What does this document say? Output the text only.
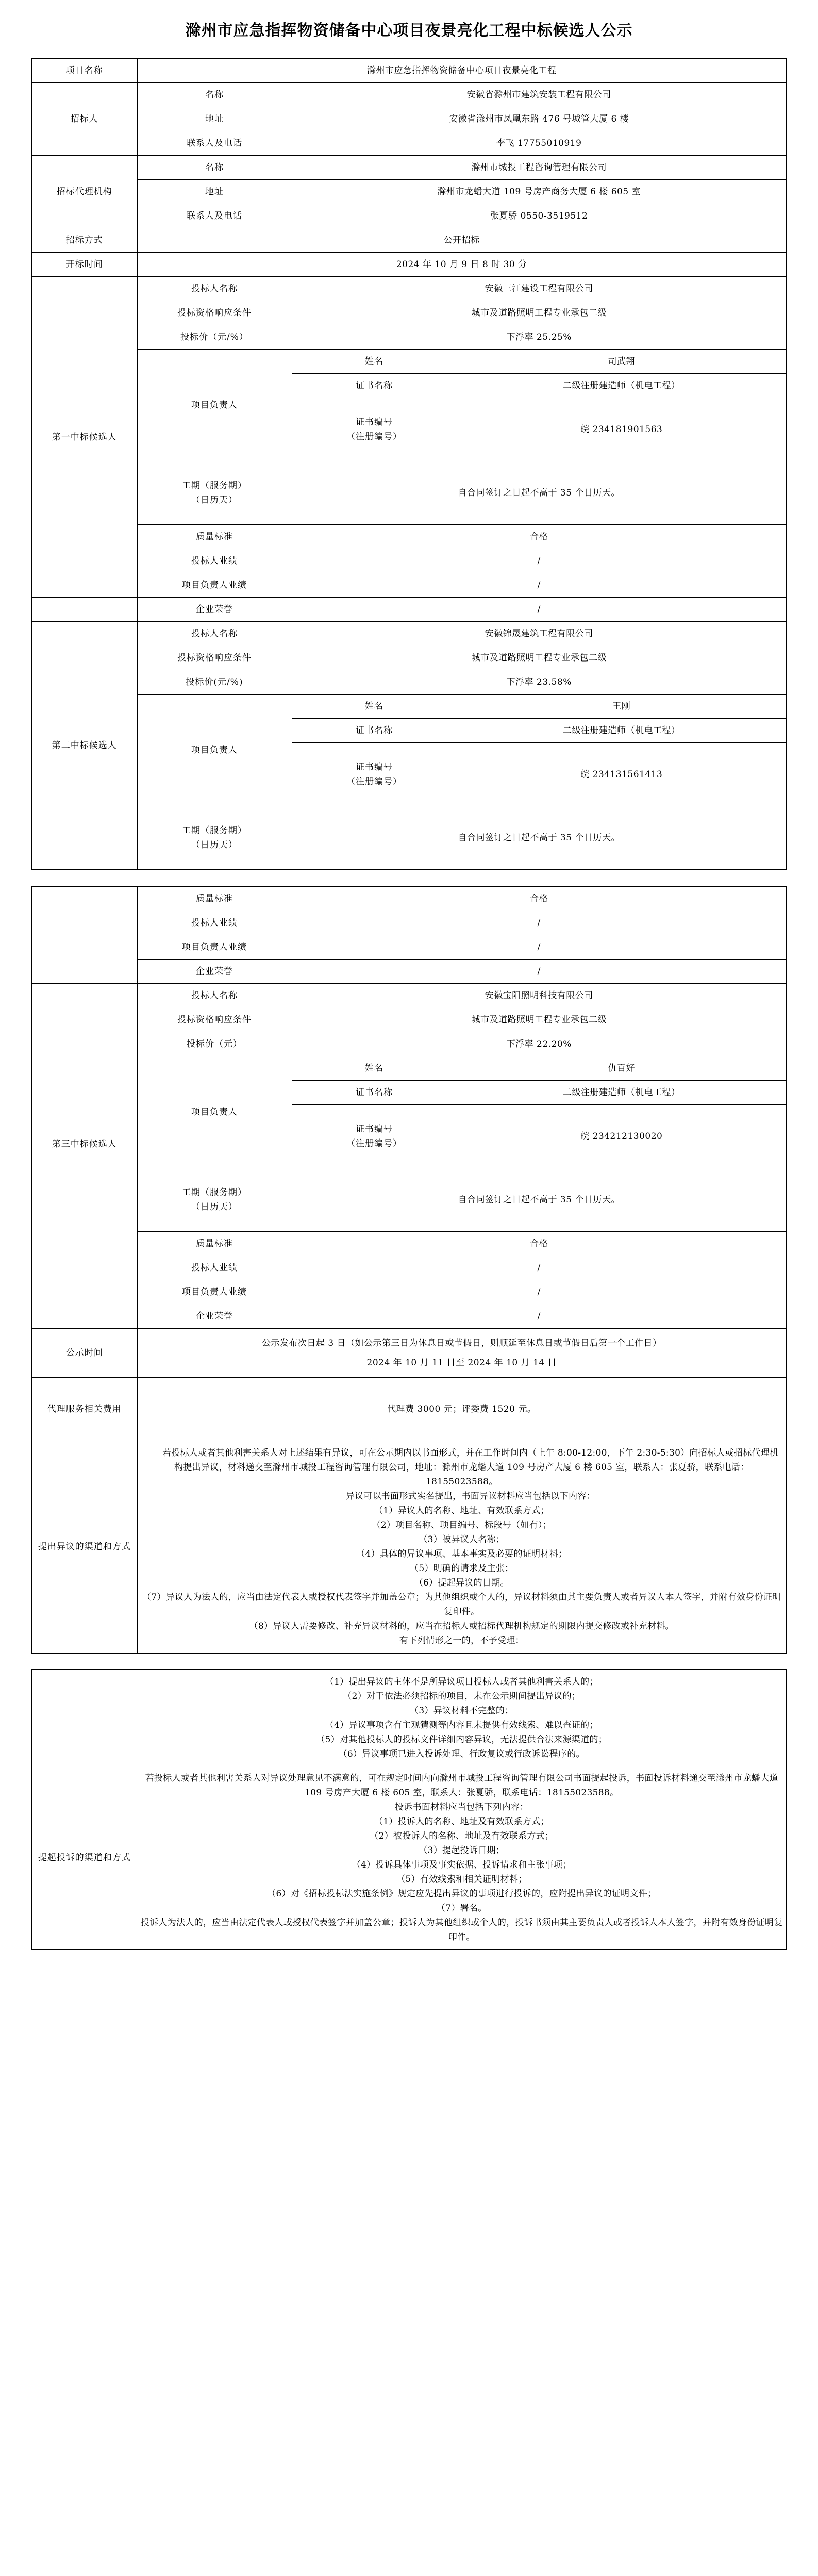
滁州市应急指挥物资储备中心项目夜景亮化工程中标候选人公示
项目名称	滁州市应急指挥物资储备中心项目夜景亮化工程		
招标人	名称	安徽省滁州市建筑安装工程有限公司	
	地址	安徽省滁州市凤凰东路 476 号城管大厦 6 楼	
	联系人及电话	李飞 17755010919	
招标代理机构	名称	滁州市城投工程咨询管理有限公司	
	地址	滁州市龙蟠大道 109 号房产商务大厦 6 楼 605 室	
	联系人及电话	张夏骄 0550-3519512	
招标方式	公开招标		
开标时间	2024 年 10 月 9 日 8 时 30 分		
第一中标候选人	投标人名称	安徽三江建设工程有限公司	
	投标资格响应条件	城市及道路照明工程专业承包二级	
	投标价（元/%）	下浮率 25.25%	
	项目负责人	姓名	司武翔
		证书名称	二级注册建造师（机电工程）

		证书编号
（注册编号）	皖 234181901563

	工期（服务期）
（日历天）	自合同签订之日起不高于 35 个日历天。	
	质量标准	合格	
	投标人业绩	/	
	项目负责人业绩	/	
	企业荣誉	/	
第二中标候选人	投标人名称	安徽锦晟建筑工程有限公司	
	投标资格响应条件	城市及道路照明工程专业承包二级	
	投标价(元/%)	下浮率 23.58%	
	项目负责人	姓名	王刚
		证书名称	二级注册建造师（机电工程）

		证书编号
（注册编号）	皖 234131561413

	工期（服务期）
（日历天）	自合同签订之日起不高于 35 个日历天。	
	质量标准	合格	
	投标人业绩	/	
	项目负责人业绩	/	
	企业荣誉	/	
第三中标候选人	投标人名称	安徽宝阳照明科技有限公司	
	投标资格响应条件	城市及道路照明工程专业承包二级	
	投标价（元）	下浮率 22.20%	
	项目负责人	姓名	仇百好
		证书名称	二级注册建造师（机电工程）

		证书编号
（注册编号）	皖 234212130020

	工期（服务期）
（日历天）	自合同签订之日起不高于 35 个日历天。	
	质量标准	合格	
	投标人业绩	/	
	项目负责人业绩	/	
	企业荣誉	/	
公示时间	公示发布次日起 3 日（如公示第三日为休息日或节假日，则顺延至休息日或节假日后第一个工作日）
2024 年 10 月 11 日至 2024 年 10 月 14 日		

代理服务相关费用	代理费 3000 元；评委费 1520 元。		
提出异议的渠道和方式	

若投标人或者其他利害关系人对上述结果有异议，可在公示期内以书面形式，并在工作时间内（上午 8:00-12:00，下午 2:30-5:30）向招标人或招标代理机构提出异议，材料递交至滁州市城投工程咨询管理有限公司，地址：滁州市龙蟠大道 109 号房产大厦 6 楼 605 室，联系人：张夏骄，联系电话：18155023588。

异议可以书面形式实名提出，书面异议材料应当包括以下内容：

（1）异议人的名称、地址、有效联系方式；

（2）项目名称、项目编号、标段号（如有）；

（3）被异议人名称；

（4）具体的异议事项、基本事实及必要的证明材料；

（5）明确的请求及主张；

（6）提起异议的日期。

（7）异议人为法人的，应当由法定代表人或授权代表签字并加盖公章；为其他组织或个人的，异议材料须由其主要负责人或者异议人本人签字，并附有效身份证明复印件。

（8）异议人需要修改、补充异议材料的，应当在招标人或招标代理机构规定的期限内提交修改或补充材料。

有下列情形之一的，不予受理：

（1）提出异议的主体不是所异议项目投标人或者其他利害关系人的；

（2）对于依法必须招标的项目，未在公示期间提出异议的；

（3）异议材料不完整的；

（4）异议事项含有主观猜测等内容且未提供有效线索、难以查证的；

（5）对其他投标人的投标文件详细内容异议，无法提供合法来源渠道的；

（6）异议事项已进入投诉处理、行政复议或行政诉讼程序的。

提起投诉的渠道和方式	

若投标人或者其他利害关系人对异议处理意见不满意的，可在规定时间内向滁州市城投工程咨询管理有限公司书面提起投诉，书面投诉材料递交至滁州市龙蟠大道 109 号房产大厦 6 楼 605 室，联系人：张夏骄，联系电话：18155023588。

投诉书面材料应当包括下列内容：

（1）投诉人的名称、地址及有效联系方式；

（2）被投诉人的名称、地址及有效联系方式；

（3）提起投诉日期；

（4）投诉具体事项及事实依据、投诉请求和主张事项；

（5）有效线索和相关证明材料；

（6）对《招标投标法实施条例》规定应先提出异议的事项进行投诉的，应附提出异议的证明文件；

（7）署名。

投诉人为法人的，应当由法定代表人或授权代表签字并加盖公章；投诉人为其他组织或个人的，投诉书须由其主要负责人或者投诉人本人签字，并附有效身份证明复印件。
